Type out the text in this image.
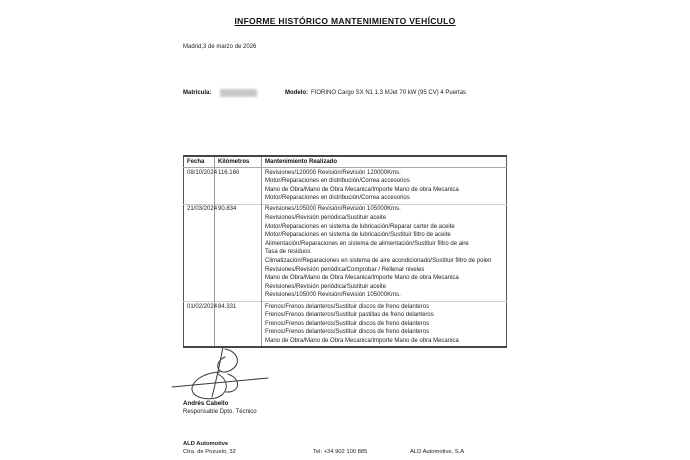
INFORME HISTÓRICO MANTENIMIENTO VEHÍCULO
Madrid,3 de marzo de 2026
Matrícula:	Modelo: FIORINO Cargo SX N1 1.3 MJet 70 kW (95 CV) 4 Puertas
Fecha	Kilómetros	Mantenimiento Realizado
08/10/2024	116.160	Revisiones/120000 Revisión/Revisión 120000Kms.
Motor/Reparaciones en distribución/Correa accesorios
Mano de Obra/Mano de Obra Mecanica/Importe Mano de obra Mecanica
Motor/Reparaciones en distribución/Correa accesorios

21/03/2024	90.834	Revisiones/105000 Revisión/Revisión 105000Kms.
Revisiones/Revisión periódica/Sustituir aceite
Motor/Reparaciones en sistema de lubricación/Reparar carter de aceite
Motor/Reparaciones en sistema de lubricación/Sustituir filtro de aceite
Alimentación/Reparaciones en sistema de alimentación/Sustituir filtro de aire
Tasa de residuos
Climatización/Reparaciones en sistema de aire acondicionado/Sustituir filtro de polen
Revisiones/Revisión periódica/Comprobar / Rellenar niveles
Mano de Obra/Mano de Obra Mecanica/Importe Mano de obra Mecanica
Revisiones/Revisión periódica/Sustituir aceite
Revisiones/105000 Revisión/Revisión 105000Kms.

01/02/2024	84.331	Frenos/Frenos delanteros/Sustituir discos de freno delanteros
Frenos/Frenos delanteros/Sustituir pastillas de freno delanteros
Frenos/Frenos delanteros/Sustituir discos de freno delanteros
Frenos/Frenos delanteros/Sustituir discos de freno delanteros
Mano de Obra/Mano de Obra Mecanica/Importe Mano de obra Mecanica
Andrés Cabello
Responsable Dpto. Técnico
ALD Automotive
Ctra. de Pozuelo, 32	Tel: +34 902 100 885	ALD Automotive, S.A
